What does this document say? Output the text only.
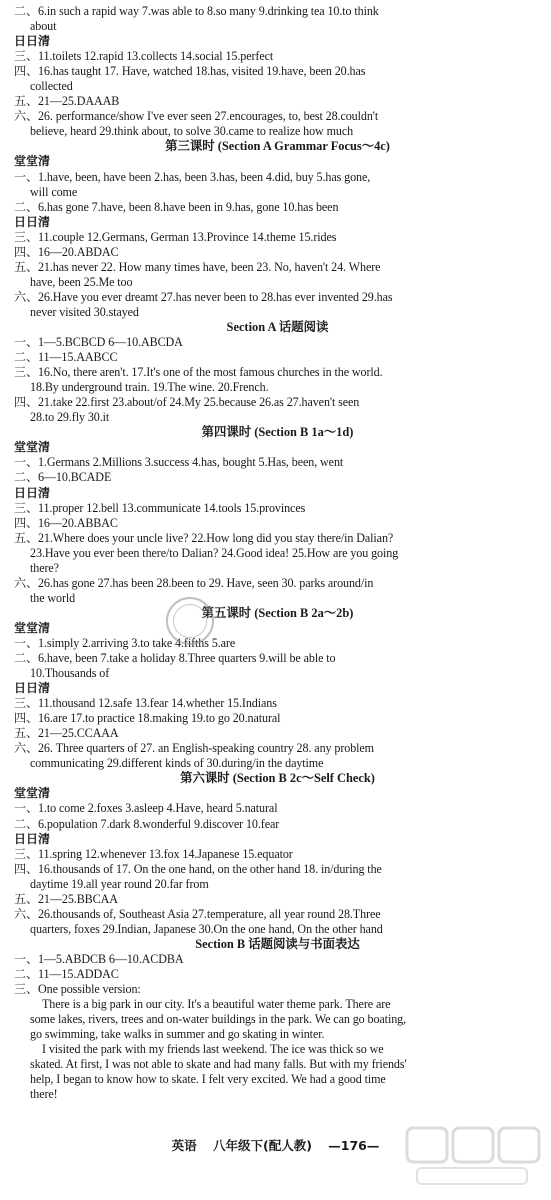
二、6.in such a rapid way 7.was able to 8.so many 9.drinking tea 10.to think
about
日日清
三、11.toilets 12.rapid 13.collects 14.social 15.perfect
四、16.has taught 17. Have, watched 18.has, visited 19.have, been 20.has
collected
五、21—25.DAAAB
六、26. performance/show I've ever seen 27.encourages, to, best 28.couldn't
believe, heard 29.think about, to solve 30.came to realize how much
第三课时 (Section A Grammar Focus～4c)
堂堂清
一、1.have, been, have been 2.has, been 3.has, been 4.did, buy 5.has gone,
will come
二、6.has gone 7.have, been 8.have been in 9.has, gone 10.has been
日日清
三、11.couple 12.Germans, German 13.Province 14.theme 15.rides
四、16—20.ABDAC
五、21.has never 22. How many times have, been 23. No, haven't 24. Where
have, been 25.Me too
六、26.Have you ever dreamt 27.has never been to 28.has ever invented 29.has
never visited 30.stayed
Section A 话题阅读
一、1—5.BCBCD 6—10.ABCDA
二、11—15.AABCC
三、16.No, there aren't. 17.It's one of the most famous churches in the world.
18.By underground train. 19.The wine. 20.French.
四、21.take 22.first 23.about/of 24.My 25.because 26.as 27.haven't seen
28.to 29.fly 30.it
第四课时 (Section B 1a～1d)
堂堂清
一、1.Germans 2.Millions 3.success 4.has, bought 5.Has, been, went
二、6—10.BCADE
日日清
三、11.proper 12.bell 13.communicate 14.tools 15.provinces
四、16—20.ABBAC
五、21.Where does your uncle live? 22.How long did you stay there/in Dalian?
23.Have you ever been there/to Dalian? 24.Good idea! 25.How are you going
there?
六、26.has gone 27.has been 28.been to 29. Have, seen 30. parks around/in
the world
第五课时 (Section B 2a～2b)
堂堂清
一、1.simply 2.arriving 3.to take 4.fifths 5.are
二、6.have, been 7.take a holiday 8.Three quarters 9.will be able to
10.Thousands of
日日清
三、11.thousand 12.safe 13.fear 14.whether 15.Indians
四、16.are 17.to practice 18.making 19.to go 20.natural
五、21—25.CCAAA
六、26. Three quarters of 27. an English-speaking country 28. any problem
communicating 29.different kinds of 30.during/in the daytime
第六课时 (Section B 2c～Self Check)
堂堂清
一、1.to come 2.foxes 3.asleep 4.Have, heard 5.natural
二、6.population 7.dark 8.wonderful 9.discover 10.fear
日日清
三、11.spring 12.whenever 13.fox 14.Japanese 15.equator
四、16.thousands of 17. On the one hand, on the other hand 18. in/during the
daytime 19.all year round 20.far from
五、21—25.BBCAA
六、26.thousands of, Southeast Asia 27.temperature, all year round 28.Three
quarters, foxes 29.Indian, Japanese 30.On the one hand, On the other hand
Section B 话题阅读与书面表达
一、1—5.ABDCB 6—10.ACDBA
二、11—15.ADDAC
三、One possible version:
There is a big park in our city. It's a beautiful water theme park. There are
some lakes, rivers, trees and on-water buildings in the park. We can go boating,
go swimming, take walks in summer and go skating in winter.
I visited the park with my friends last weekend. The ice was thick so we
skated. At first, I was not able to skate and had many falls. But with my friends'
help, I began to know how to skate. I felt very excited. We had a good time
there!
英语 八年级下(配人教) —176—
